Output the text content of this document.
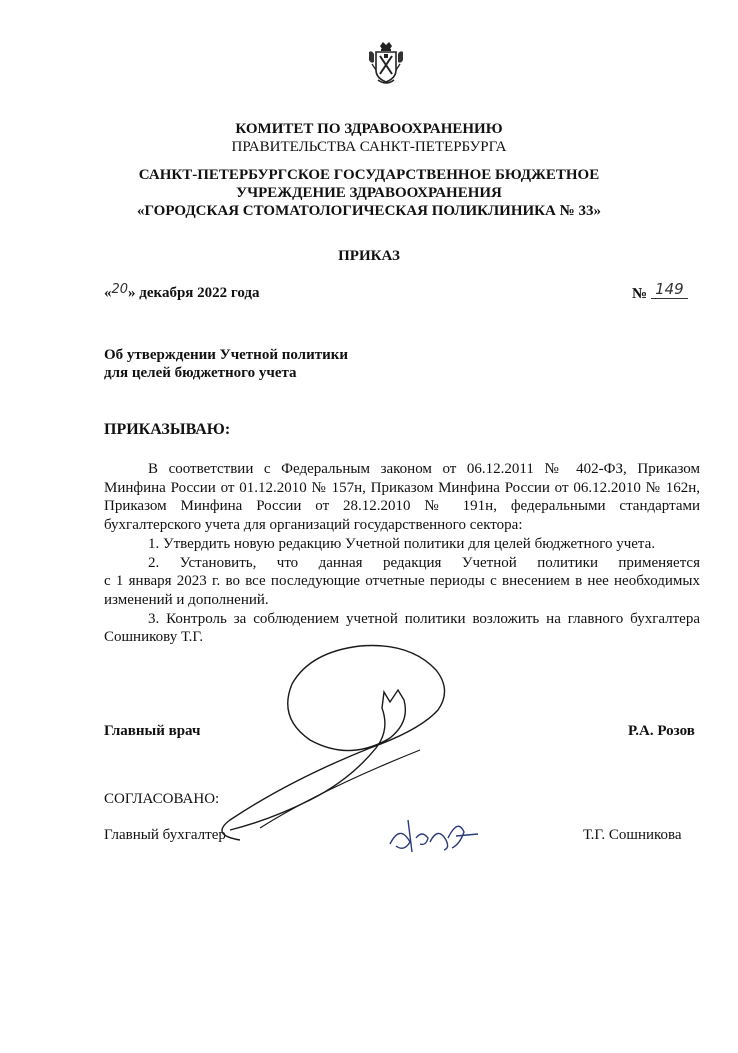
КОМИТЕТ ПО ЗДРАВООХРАНЕНИЮ
ПРАВИТЕЛЬСТВА САНКТ-ПЕТЕРБУРГА
САНКТ-ПЕТЕРБУРГСКОЕ ГОСУДАРСТВЕННОЕ БЮДЖЕТНОЕ
УЧРЕЖДЕНИЕ ЗДРАВООХРАНЕНИЯ
«ГОРОДСКАЯ СТОМАТОЛОГИЧЕСКАЯ ПОЛИКЛИНИКА № 33»
ПРИКАЗ
«20» декабря 2022 года	№ 149
Об утверждении Учетной политики
для целей бюджетного учета
ПРИКАЗЫВАЮ:

В соответствии с Федеральным законом от 06.12.2011 № 402-ФЗ, Приказом

Минфина России от 01.12.2010 № 157н, Приказом Минфина России от 06.12.2010 № 162н,

Приказом Минфина России от 28.12.2010 № 191н, федеральными стандартами

бухгалтерского учета для организаций государственного сектора:

1. Утвердить новую редакцию Учетной политики для целей бюджетного учета.

2. Установить, что данная редакция Учетной политики применяется

с 1 января 2023 г. во все последующие отчетные периоды с внесением в нее необходимых

изменений и дополнений.

3. Контроль за соблюдением учетной политики возложить на главного бухгалтера

Сошникову Т.Г.

Главный врач	Р.А. Розов
СОГЛАСОВАНО:
Главный бухгалтер	Т.Г. Сошникова
